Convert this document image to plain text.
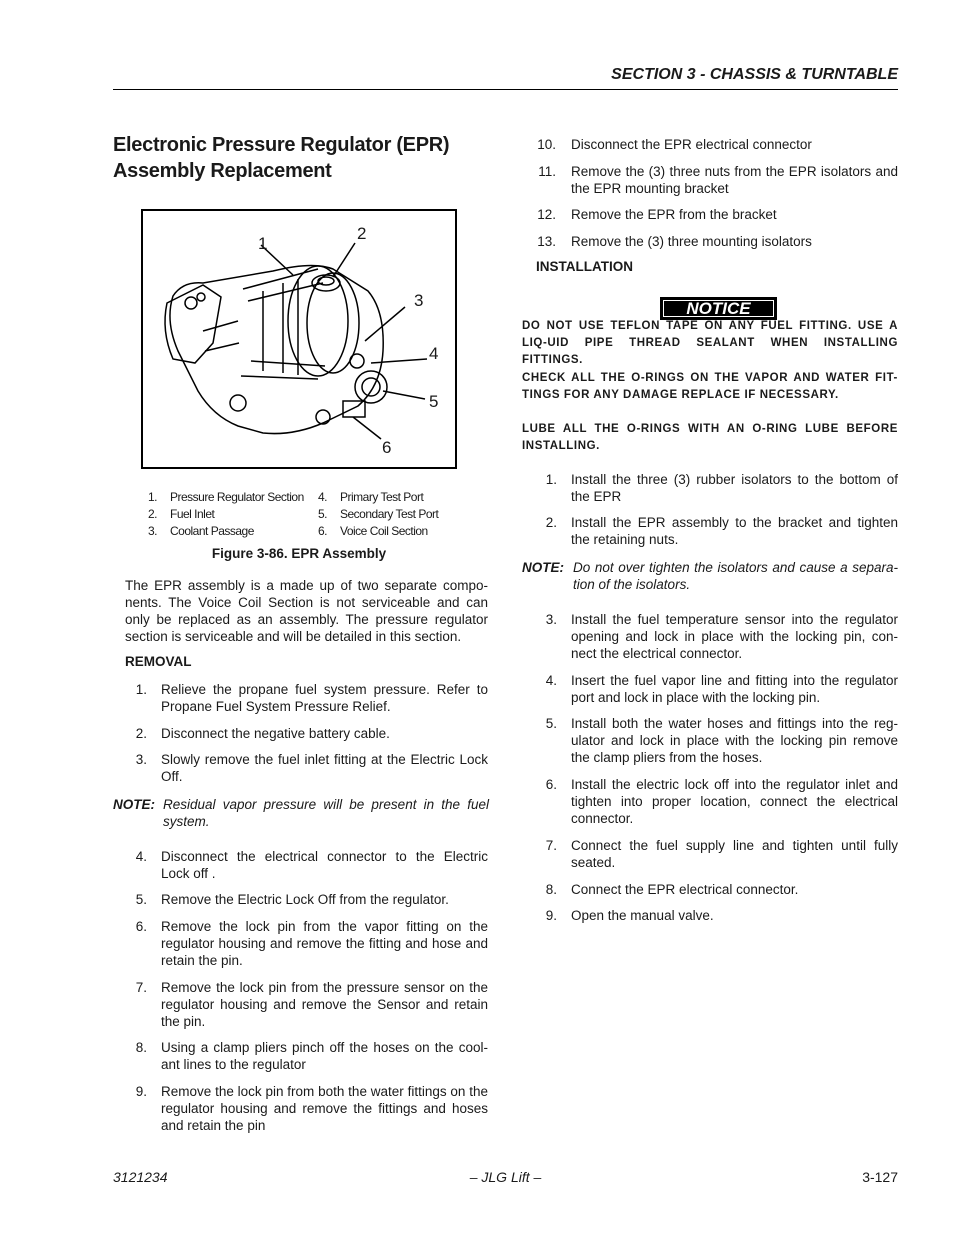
SECTION 3 - CHASSIS & TURNTABLE
Electronic Pressure Regulator (EPR)
Assembly Replacement
1
2
3
4
5
6
1.	Pressure Regulator Section	4.	Primary Test Port
2.	Fuel Inlet	5.	Secondary Test Port
3.	Coolant Passage	6.	Voice Coil Section
Figure 3-86. EPR Assembly
The EPR assembly is a made up of two separate compo-nents. The Voice Coil Section is not serviceable and can only be replaced as an assembly. The pressure regulator section is serviceable and will be detailed in this section.
REMOVAL
1. Relieve the propane fuel system pressure. Refer to Propane Fuel System Pressure Relief.
2. Disconnect the negative battery cable.
3. Slowly remove the fuel inlet fitting at the Electric Lock Off.
NOTE: Residual vapor pressure will be present in the fuel system.
4. Disconnect the electrical connector to the Electric Lock off .
5. Remove the Electric Lock Off from the regulator.
6. Remove the lock pin from the vapor fitting on the regulator housing and remove the fitting and hose and retain the pin.
7. Remove the lock pin from the pressure sensor on the regulator housing and remove the Sensor and retain the pin.
8. Using a clamp pliers pinch off the hoses on the cool-ant lines to the regulator
9. Remove the lock pin from both the water fittings on the regulator housing and remove the fittings and hoses and retain the pin
10. Disconnect the EPR electrical connector
11. Remove the (3) three nuts from the EPR isolators and the EPR mounting bracket
12. Remove the EPR from the bracket
13. Remove the (3) three mounting isolators
INSTALLATION
NOTICE
DO NOT USE TEFLON TAPE ON ANY FUEL FITTING. USE A LIQ-UID PIPE THREAD SEALANT WHEN INSTALLING FITTINGS.
CHECK ALL THE O-RINGS ON THE VAPOR AND WATER FIT-TINGS FOR ANY DAMAGE REPLACE IF NECESSARY.
LUBE ALL THE O-RINGS WITH AN O-RING LUBE BEFORE INSTALLING.
1. Install the three (3) rubber isolators to the bottom of the EPR
2. Install the EPR assembly to the bracket and tighten the retaining nuts.
NOTE: Do not over tighten the isolators and cause a separa-tion of the isolators.
3. Install the fuel temperature sensor into the regulator opening and lock in place with the locking pin, con-nect the electrical connector.
4. Insert the fuel vapor line and fitting into the regulator port and lock in place with the locking pin.
5. Install both the water hoses and fittings into the reg-ulator and lock in place with the locking pin remove the clamp pliers from the hoses.
6. Install the electric lock off into the regulator inlet and tighten into proper location, connect the electrical connector.
7. Connect the fuel supply line and tighten until fully seated.
8. Connect the EPR electrical connector.
9. Open the manual valve.
3121234	– JLG Lift –	3-127
